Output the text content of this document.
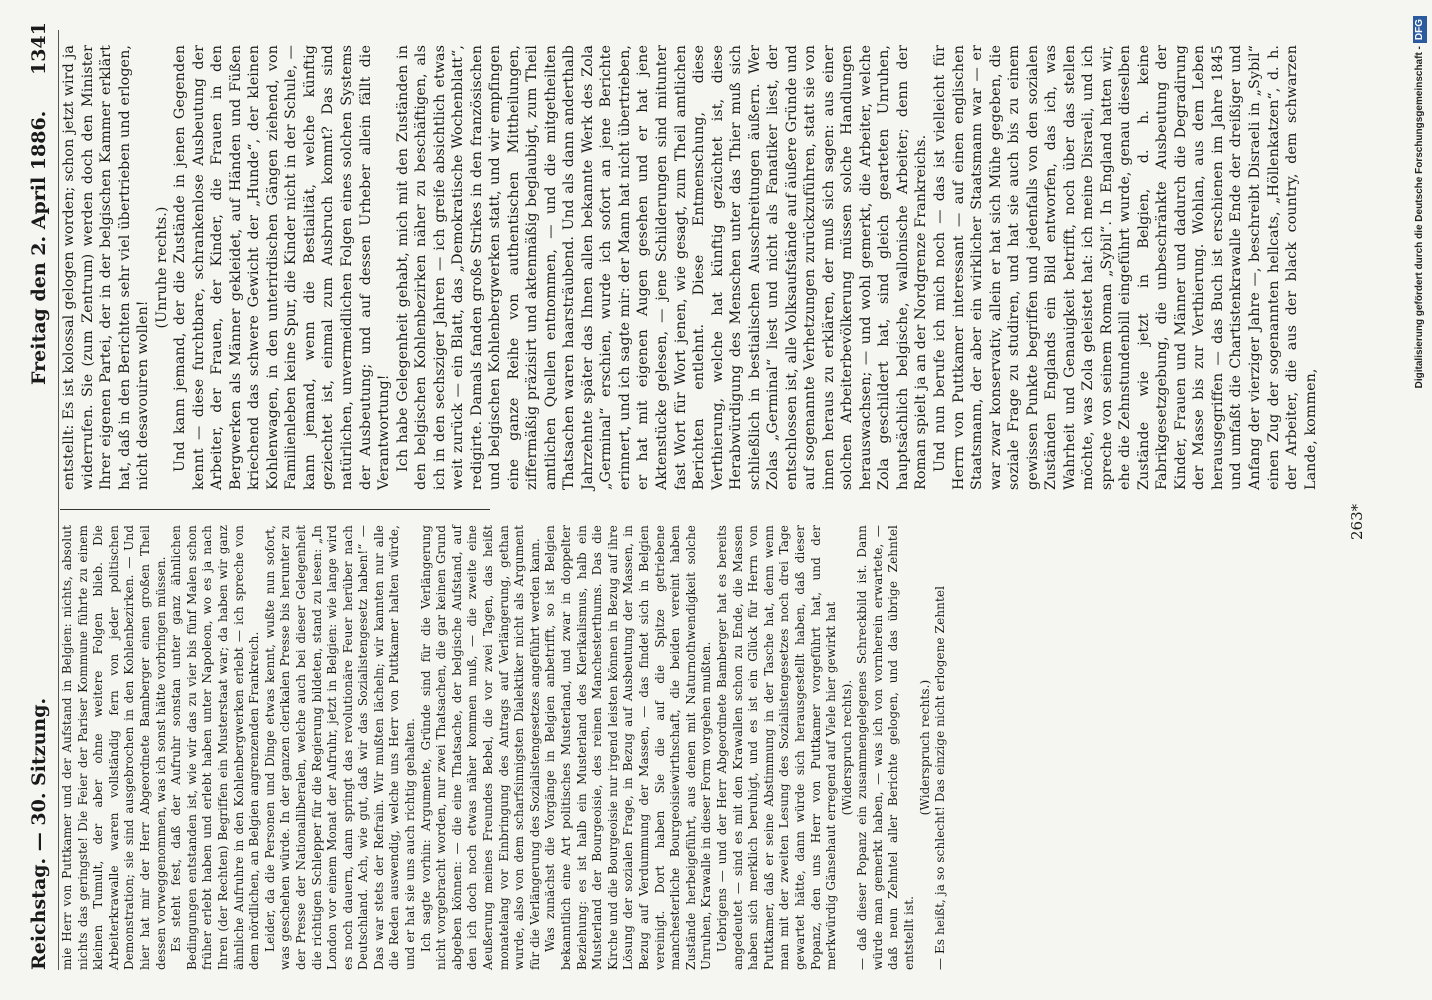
Reichstag. — 30. Sitzung.
Freitag den 2. April 1886.
1341

mie Herr von Puttkamer und der Aufstand in Belgien: nichts, absolut nichts das geringste! Die Feier der Pariser Kommune führte zu einem kleinen Tumult, der aber ohne weitere Folgen blieb. Die Arbeiterkrawalle waren vollständig fern von jeder politischen Demonstration; sie sind ausgebrochen in den Kohlenbezirken. — Und hier hat mir der Herr Abgeordnete Bamberger einen großen Theil dessen vorweggenommen, was ich sonst hätte vorbringen müssen. Es steht fest, daß der Aufruhr sonstan unter ganz ähnlichen Bedingungen entstanden ist, wie wir das zu vier bis fünf Malen schon früher erlebt haben und erlebt haben unter Napoleon, wo es ja nach Ihren (der Rechten) Begriffen ein Musterstaat war; da haben wir ganz ähnliche Aufruhre in den Kohlenbergwerken erlebt — ich spreche von dem nördlichen, an Belgien angrenzenden Frankreich. Leider, da die Personen und Dinge etwas kennt, wußte nun sofort, was geschehen würde. In der ganzen clerikalen Presse bis herunter zu der Presse der Nationalliberalen, welche auch bei dieser Gelegenheit die richtigen Schlepper für die Regierung bildeten, stand zu lesen: „In London vor einem Monat der Aufruhr, jetzt in Belgien: wie lange wird es noch dauern, dann springt das revolutionäre Feuer herüber nach Deutschland. Ach, wie gut, daß wir das Sozialistengesetz haben!“ — Das war stets der Refrain. Wir mußten lächeln; wir kannten nur alle die Reden auswendig, welche uns Herr von Puttkamer halten würde, und er hat sie uns auch richtig gehalten. Ich sagte vorhin: Argumente, Gründe sind für die Verlängerung nicht vorgebracht worden, nur zwei Thatsachen, die gar keinen Grund abgeben können: — die eine Thatsache, der belgische Aufstand, auf den ich doch noch etwas näher kommen muß, — die zweite eine Aeußerung meines Freundes Bebel, die vor zwei Tagen, das heißt monatelang vor Einbringung des Antrags auf Verlängerung, gethan wurde, also von dem scharfsinnigsten Dialektiker nicht als Argument für die Verlängerung des Sozialistengesetzes angeführt werden kann. Was zunächst die Vorgänge in Belgien anbetrifft, so ist Belgien bekanntlich eine Art politisches Musterland, und zwar in doppelter Beziehung: es ist halb ein Musterland des Klerikalismus, halb ein Musterland der Bourgeoisie, des reinen Manchesterthums. Das die Kirche und die Bourgeoisie nur irgend leisten können in Bezug auf ihre Lösung der sozialen Frage, in Bezug auf Ausbeutung der Massen, in Bezug auf Verdummung der Massen, — das findet sich in Belgien vereinigt. Dort haben Sie die auf die Spitze getriebene manchesterliche Bourgeoisiewirthschaft, die beiden vereint haben Zustände herbeigeführt, aus denen mit Naturnothwendigkeit solche Unruhen, Krawalle in dieser Form vorgehen mußten. Uebrigens — und der Herr Abgeordnete Bamberger hat es bereits angedeutet — sind es mit den Krawallen schon zu Ende, die Massen haben sich merklich beruhigt, und es ist ein Glück für Herrn von Puttkamer, daß er seine Abstimmung in der Tasche hat, denn wenn man mit der zweiten Lesung des Sozialistengesetzes noch drei Tage gewartet hätte, dann würde sich herausgestellt haben, daß dieser Popanz, den uns Herr von Puttkamer vorgeführt hat, und der merkwürdig Gänsehaut erregend auf Viele hier gewirkt hat (Widerspruch rechts). — daß dieser Popanz ein zusammengelegenes Schreckbild ist. Dann würde man gemerkt haben, — was ich von vornherein erwartete, — daß neun Zehntel aller Berichte gelogen, und das übrige Zehntel entstellt ist.

(Widerspruch rechts.) — Es heißt, ja so schlecht! Das einzige nicht erlogene Zehntel

entstellt: Es ist kolossal gelogen worden; schon jetzt wird ja widerrufen. Sie (zum Zentrum) werden doch den Minister Ihrer eigenen Partei, der in der belgischen Kammer erklärt hat, daß in den Berichten sehr viel übertrieben und erlogen, nicht desavouiren wollen!

(Unruhe rechts.) Und kann jemand, der die Zustände in jenen Gegenden kennt — diese furchtbare, schrankenlose Ausbeutung der Arbeiter, der Frauen, der Kinder, die Frauen in den Bergwerken als Männer gekleidet, auf Händen und Füßen kriechend das schwere Gewicht der „Hunde“, der kleinen Kohlenwagen, in den unterirdischen Gängen ziehend, von Familienleben keine Spur, die Kinder nicht in der Schule, — kann jemand, wenn die Bestialität, welche künftig geziechtet ist, einmal zum Ausbruch kommt? Das sind natürlichen, unvermeidlichen Folgen eines solchen Systems der Ausbeutung; und auf dessen Urheber allein fällt die Verantwortung! Ich habe Gelegenheit gehabt, mich mit den Zuständen in den belgischen Kohlenbezirken näher zu beschäftigen, als ich in den sechsziger Jahren — ich greife absichtlich etwas weit zurück — ein Blatt, das „Demokratische Wochenblatt“, redigirte. Damals fanden große Strikes in den französischen und belgischen Kohlenbergwerken statt, und wir empfingen eine ganze Reihe von authentischen Mittheilungen, ziffermäßig präzisirt und aktenmäßig beglaubigt, zum Theil amtlichen Quellen entnommen, — und die mitgetheilten Thatsachen waren haarsträubend. Und als dann anderthalb Jahrzehnte später das Ihnen allen bekannte Werk des Zola „Germinal“ erschien, wurde ich sofort an jene Berichte erinnert, und ich sagte mir: der Mann hat nicht übertrieben, er hat mit eigenen Augen gesehen und er hat jene Aktenstücke gelesen, — jene Schilderungen sind mitunter fast Wort für Wort jenen, wie gesagt, zum Theil amtlichen Berichten entlehnt. Diese Entmenschung, diese Verthierung, welche hat künftig gezüchtet ist, diese Herabwürdigung des Menschen unter das Thier muß sich schließlich in bestialischen Ausschreitungen äußern. Wer Zolas „Germinal“ liest und nicht als Fanatiker liest, der entschlossen ist, alle Volksaufstände auf äußere Gründe und auf sogenannte Verhetzungen zurückzuführen, statt sie von innen heraus zu erklären, der muß sich sagen: aus einer solchen Arbeiterbevölkerung müssen solche Handlungen herauswachsen; — und wohl gemerkt, die Arbeiter, welche Zola geschildert hat, sind gleich gearteten Unruhen, hauptsächlich belgische, wallonische Arbeiter; denn der Roman spielt ja an der Nordgrenze Frankreichs. Und nun berufe ich mich noch — das ist vielleicht für Herrn von Puttkamer interessant — auf einen englischen Staatsmann, der aber ein wirklicher Staatsmann war — er war zwar konservativ, allein er hat sich Mühe gegeben, die soziale Frage zu studiren, und hat sie auch bis zu einem gewissen Punkte begriffen und jedenfalls von den sozialen Zuständen Englands ein Bild entworfen, das ich, was Wahrheit und Genauigkeit betrifft, noch über das stellen möchte, was Zola geleistet hat: ich meine Disraeli, und ich spreche von seinem Roman „Sybil“. In England hatten wir, ehe die Zehnstundenbill eingeführt wurde, genau dieselben Zustände wie jetzt in Belgien, d. h. keine Fabrikgesetzgebung, die unbeschränkte Ausbeutung der Kinder, Frauen und Männer und dadurch die Degradirung der Masse bis zur Verthierung. Wohlan, aus dem Leben herausgegriffen — das Buch ist erschienen im Jahre 1845 und umfaßt die Chartistenkrawalle Ende der dreißiger und Anfang der vierziger Jahre —, beschreibt Disraeli in „Sybil“ einen Zug der sogenannten hellcats, „Höllenkatzen“, d. h. der Arbeiter, die aus der black country, dem schwarzen Lande, kommen,

263*
Digitalisierung gefördert durch die Deutsche Forschungsgemeinschaft -DFG
